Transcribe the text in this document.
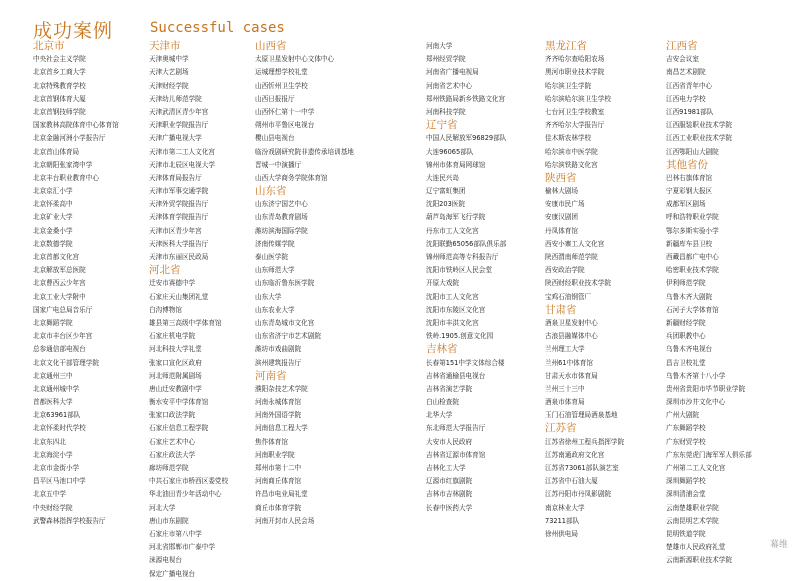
成功案例	Successful cases
北京市
中央社会主义学院
北京首乡工商大学
北京特殊教育学校
北京首钢体育大厦
北京首钢技师学院
国家教林高院体育中心体育馆
北京金融河洲小学报告厅
北京首山体育局
北京朝阳张家湾中学
北京丰台职业教育中心
北京京汇小学
北京怀柔高中
北京矿业大学
北京金桑小学
北京数德学院
北京首都文化宫
北京解放军总医院
北京曹西云少年宫
北京工业大学附中
国家广电总局音乐厅
北京舞蹈学院
北京市丰台区少年宫
总参通信部电视台
北京文化干部管理学院
北京通州三中
北京通州城中学
首都医科大学
北京63961部队
北京怀柔时代学校
北京东四北
北京海淀小学
北京市金街小学
昌平区马池口中学
北京五中学
中央财经学院
武警森林指挥学校报告厅
天津市
天津奥城中学
天津大艺剧场
天津财经学院
天津幼儿师范学院
天津武清区青少年宫
天津职业学院报告厅
天津广播电视大学
天津市第二工人文化宫
天津市北辰区电视大学
天津体育局报告厅
天津市军事交通学院
天津外贸学院报告厅
天津体育学院报告厅
天津市区青少年宫
天津医科大学报告厅
天津市东丽区民政局
河北省
迁安市赛德中学
石家庄天山集团礼堂
白沟博物馆
雄县第三高级中学体育馆
石家庄机电学院
河北科技大学礼堂
张家口宣化区政府
河北师范附属剧场
唐山迁安教剧中学
衡水安平中学体育馆
张家口政法学院
石家庄信息工程学院
石家庄艺术中心
石家庄政法大学
廊坊师范学院
中共石家庄市桥西区委党校
华北油田青少年活动中心
河北大学
唐山市东剧院
石家庄市第八中学
河北省邯郸市广泰中学
涞源电视台
保定广播电视台
山西省
太原卫星发射中心文体中心
运城理想学校礼堂
山西忻州卫生学校
山西日报报厅
山西怀仁第十一中学
朔州市平鲁区电视台
樱山县电视台
临汾戏剧研究院非遗传承培训基地
晋城一中演播厅
山西大学商务学院体育馆
山东省
山东济宁国艺中心
山东青岛教育剧场
潍坊滨海国际学院
济南传媒学院
泰山医学院
山东师范大学
山东临沂鲁东医学院
山东大学
山东农业大学
山东青岛城市文化宫
山东省济宁市艺术剧院
潍坊市戏曲剧院
滨州建筑报告厅
河南省
濮阳杂技艺术学院
河南永城体育馆
河南外国语学院
河南信息工程大学
焦作体育馆
河南职业学院
郑州市第十二中
河南商丘体育馆
许昌市电业局礼堂
商丘市体育学院
河南开封市人民会场
河南大学
郑州经贸学院
河南省广播电视局
河南省艺术中心
郑州铁路局新乡铁路文化宫
河南科技学院
辽宁省
中国人民解放军96829部队
大连96065部队
锦州市体育局网球馆
大连民兴岛
辽宁富虹集团
沈阳203医院
葫芦岛海军飞行学院
丹东市工人文化宫
沈阳联勤65056部队俱乐部
锦州师范高等专科报告厅
沈阳市铁岭区人民会堂
开原大戏院
沈阳市工人文化宫
沈阳市东陵区文化宫
沈阳市丰洪文化宫
铁岭.1905.创意文化园
吉林省
长春第151中学文体综合楼
吉林省通榆县电视台
吉林省演艺学院
白山检查院
北华大学
东北师范大学报告厅
大安市人民政府
吉林省辽源市体育馆
吉林化工大学
辽源市红旗剧院
吉林市吉林剧院
长春中医药大学
黑龙江省
齐齐哈尔查哈阳农场
黑河市职业技术学院
哈尔滨卫生学院
哈尔滨哈尔滨卫生学校
七台河卫生学校教室
齐齐哈尔大学报告厅
佳木斯农林学校
哈尔滨市中医学院
哈尔滨铁路文化宫
陕西省
榆林大剧场
安康市民广场
安康汉剧团
丹凤体育馆
西安小寨工人文化宫
陕西渭南师范学院
西安政治学院
陕西财经职业技术学院
宝鸡石油钢管厂
甘肃省
酒泉卫星发射中心
古浪县融媒体中心
兰州理工大学
兰州61中体育馆
甘肃天水市体育局
兰州三十三中
酒泉市体育局
玉门石油管理局酒泉基地
江苏省
江苏省徐州工程兵指挥学院
江苏南通政府文化宫
江苏省73061部队演艺室
江苏省中石油大厦
江苏丹阳市丹凤影剧院
南京林业大学
73211部队
徐州供电局
江西省
吉安会议室
南昌艺术剧院
江西省青年中心
江西电力学校
江西91981部队
江西服装职业技术学院
江西工业职业技术学院
江西鄂阳山大剧院
其他省份
巴林右旗体育馆
宁夏彩钢大报区
成都军区剧场
呼和浩特职业学院
鄂尔多斯实验小学
新疆库车县卫校
西藏昌都广电中心
哈密职业技术学院
伊利师范学院
乌鲁木齐大剧院
石河子大学体育馆
新疆财经学院
兵团职教中心
乌鲁木齐电视台
昌吉卫校礼堂
乌鲁木齐第十八小学
贵州省贵阳市毕节职业学院
深圳市沙井文化中心
广州大剧院
广东舞蹈学校
广东财贸学校
广东东莞虎门海军军人俱乐部
广州第二工人文化宫
深圳舞蹈学校
深圳清浦会堂
云南楚雄职业学院
云南昆明艺术学院
昆明铁道学院
楚雄市人民政府礼堂
云南新源职业技术学院
幕维
